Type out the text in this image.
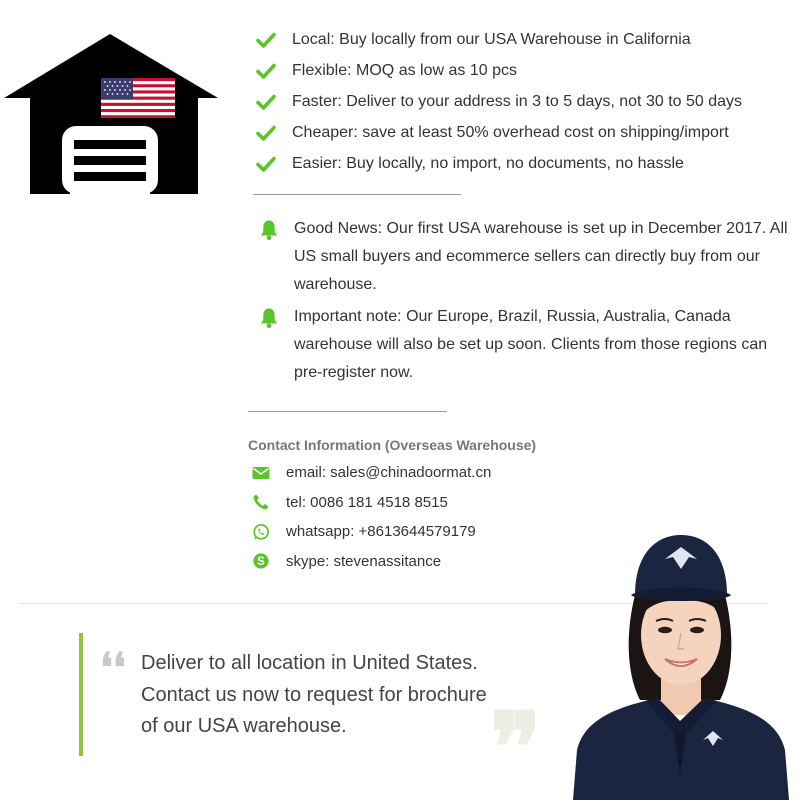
Local: Buy locally from our USA Warehouse in California
Flexible: MOQ as low as 10 pcs
Faster: Deliver to your address in 3 to 5 days, not 30 to 50 days
Cheaper: save at least 50% overhead cost on shipping/import
Easier: Buy locally, no import, no documents, no hassle
Good News: Our first USA warehouse is set up in December 2017. All US small buyers and ecommerce sellers can directly buy from our warehouse.
Important note: Our Europe, Brazil, Russia, Australia, Canada warehouse will also be set up soon. Clients from those regions can pre-register now.
Contact Information (Overseas Warehouse)
email: sales@chinadoormat.cn
tel: 0086 181 4518 8515
whatsapp: +8613644579179
S skype: stevenassitance
❛❛ Deliver to all location in United States. Contact us now to request for brochure of our USA warehouse.	❞
